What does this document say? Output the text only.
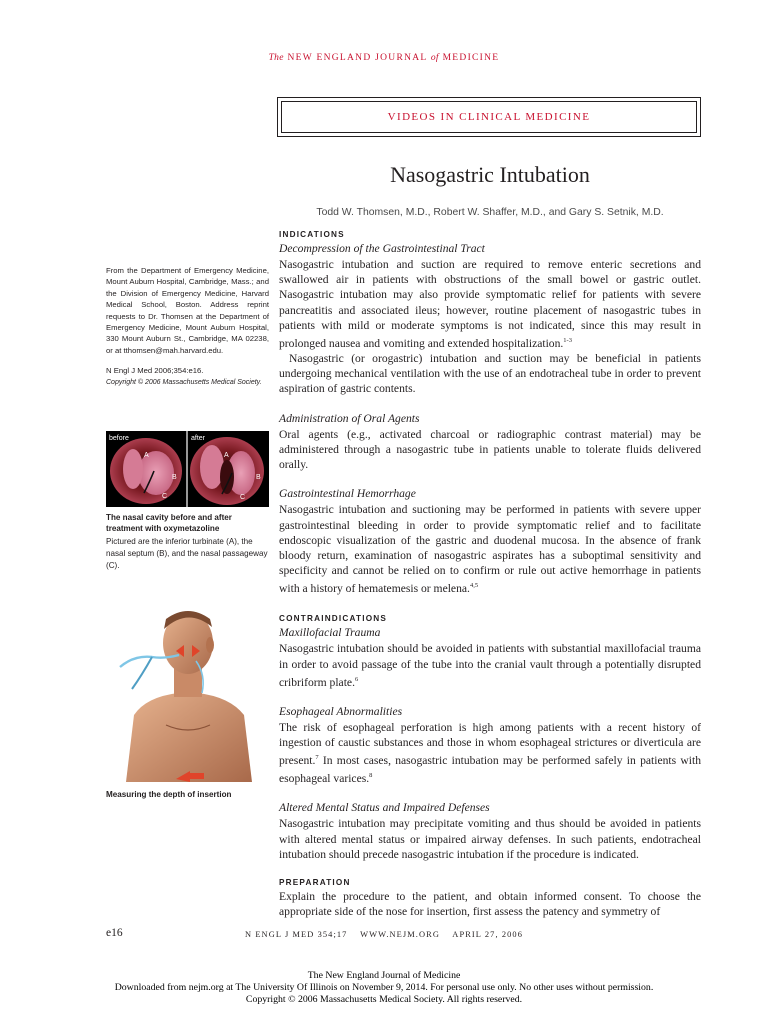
The NEW ENGLAND JOURNAL of MEDICINE
VIDEOS IN CLINICAL MEDICINE
Nasogastric Intubation
Todd W. Thomsen, M.D., Robert W. Shaffer, M.D., and Gary S. Setnik, M.D.
From the Department of Emergency Medicine, Mount Auburn Hospital, Cambridge, Mass.; and the Division of Emergency Medicine, Harvard Medical School, Boston. Address reprint requests to Dr. Thomsen at the Department of Emergency Medicine, Mount Auburn Hospital, 330 Mount Auburn St., Cambridge, MA 02238, or at tthomsen@mah.harvard.edu.
N Engl J Med 2006;354:e16.
Copyright © 2006 Massachusetts Medical Society.
before	after
A
B
C
A
B
C
The nasal cavity before and after treatment with oxymetazoline
Pictured are the inferior turbinate (A), the nasal septum (B), and the nasal passageway (C).
Measuring the depth of insertion
INDICATIONS
Decompression of the Gastrointestinal Tract

Nasogastric intubation and suction are required to remove enteric secretions and swallowed air in patients with obstructions of the small bowel or gastric outlet. Nasogastric intubation may also provide symptomatic relief for patients with severe pancreatitis and associated ileus; however, routine placement of nasogastric tubes in patients with mild or moderate symptoms is not indicated, since this may result in prolonged nausea and vomiting and extended hospitalization.$^{1-3}$

Nasogastric (or orogastric) intubation and suction may be beneficial in patients undergoing mechanical ventilation with the use of an endotracheal tube in order to prevent aspiration of gastric contents.

Administration of Oral Agents

Oral agents (e.g., activated charcoal or radiographic contrast material) may be administered through a nasogastric tube in patients unable to tolerate fluids delivered orally.

Gastrointestinal Hemorrhage

Nasogastric intubation and suctioning may be performed in patients with severe upper gastrointestinal bleeding in order to provide symptomatic relief and to facilitate endoscopic visualization of the gastric and duodenal mucosa. In the absence of frank bloody return, examination of nasogastric aspirates has a suboptimal sensitivity and specificity and cannot be relied on to confirm or rule out active hemorrhage in patients with a history of hematemesis or melena.$^{4,5}$

CONTRAINDICATIONS
Maxillofacial Trauma

Nasogastric intubation should be avoided in patients with substantial maxillofacial trauma in order to avoid passage of the tube into the cranial vault through a potentially disrupted cribriform plate.$^6$

Esophageal Abnormalities

The risk of esophageal perforation is high among patients with a recent history of ingestion of caustic substances and those in whom esophageal strictures or diverticula are present.$^7$ In most cases, nasogastric intubation may be performed safely in patients with esophageal varices.$^8$

Altered Mental Status and Impaired Defenses

Nasogastric intubation may precipitate vomiting and thus should be avoided in patients with altered mental status or impaired airway defenses. In such patients, endotracheal intubation should precede nasogastric intubation if the procedure is indicated.

PREPARATION

Explain the procedure to the patient, and obtain informed consent. To choose the appropriate side of the nose for insertion, first assess the patency and symmetry of

e16	N ENGL J MED 354;17    WWW.NEJM.ORG    APRIL 27, 2006
The New England Journal of Medicine
Downloaded from nejm.org at The University Of Illinois on November 9, 2014. For personal use only. No other uses without permission.
Copyright © 2006 Massachusetts Medical Society. All rights reserved.
